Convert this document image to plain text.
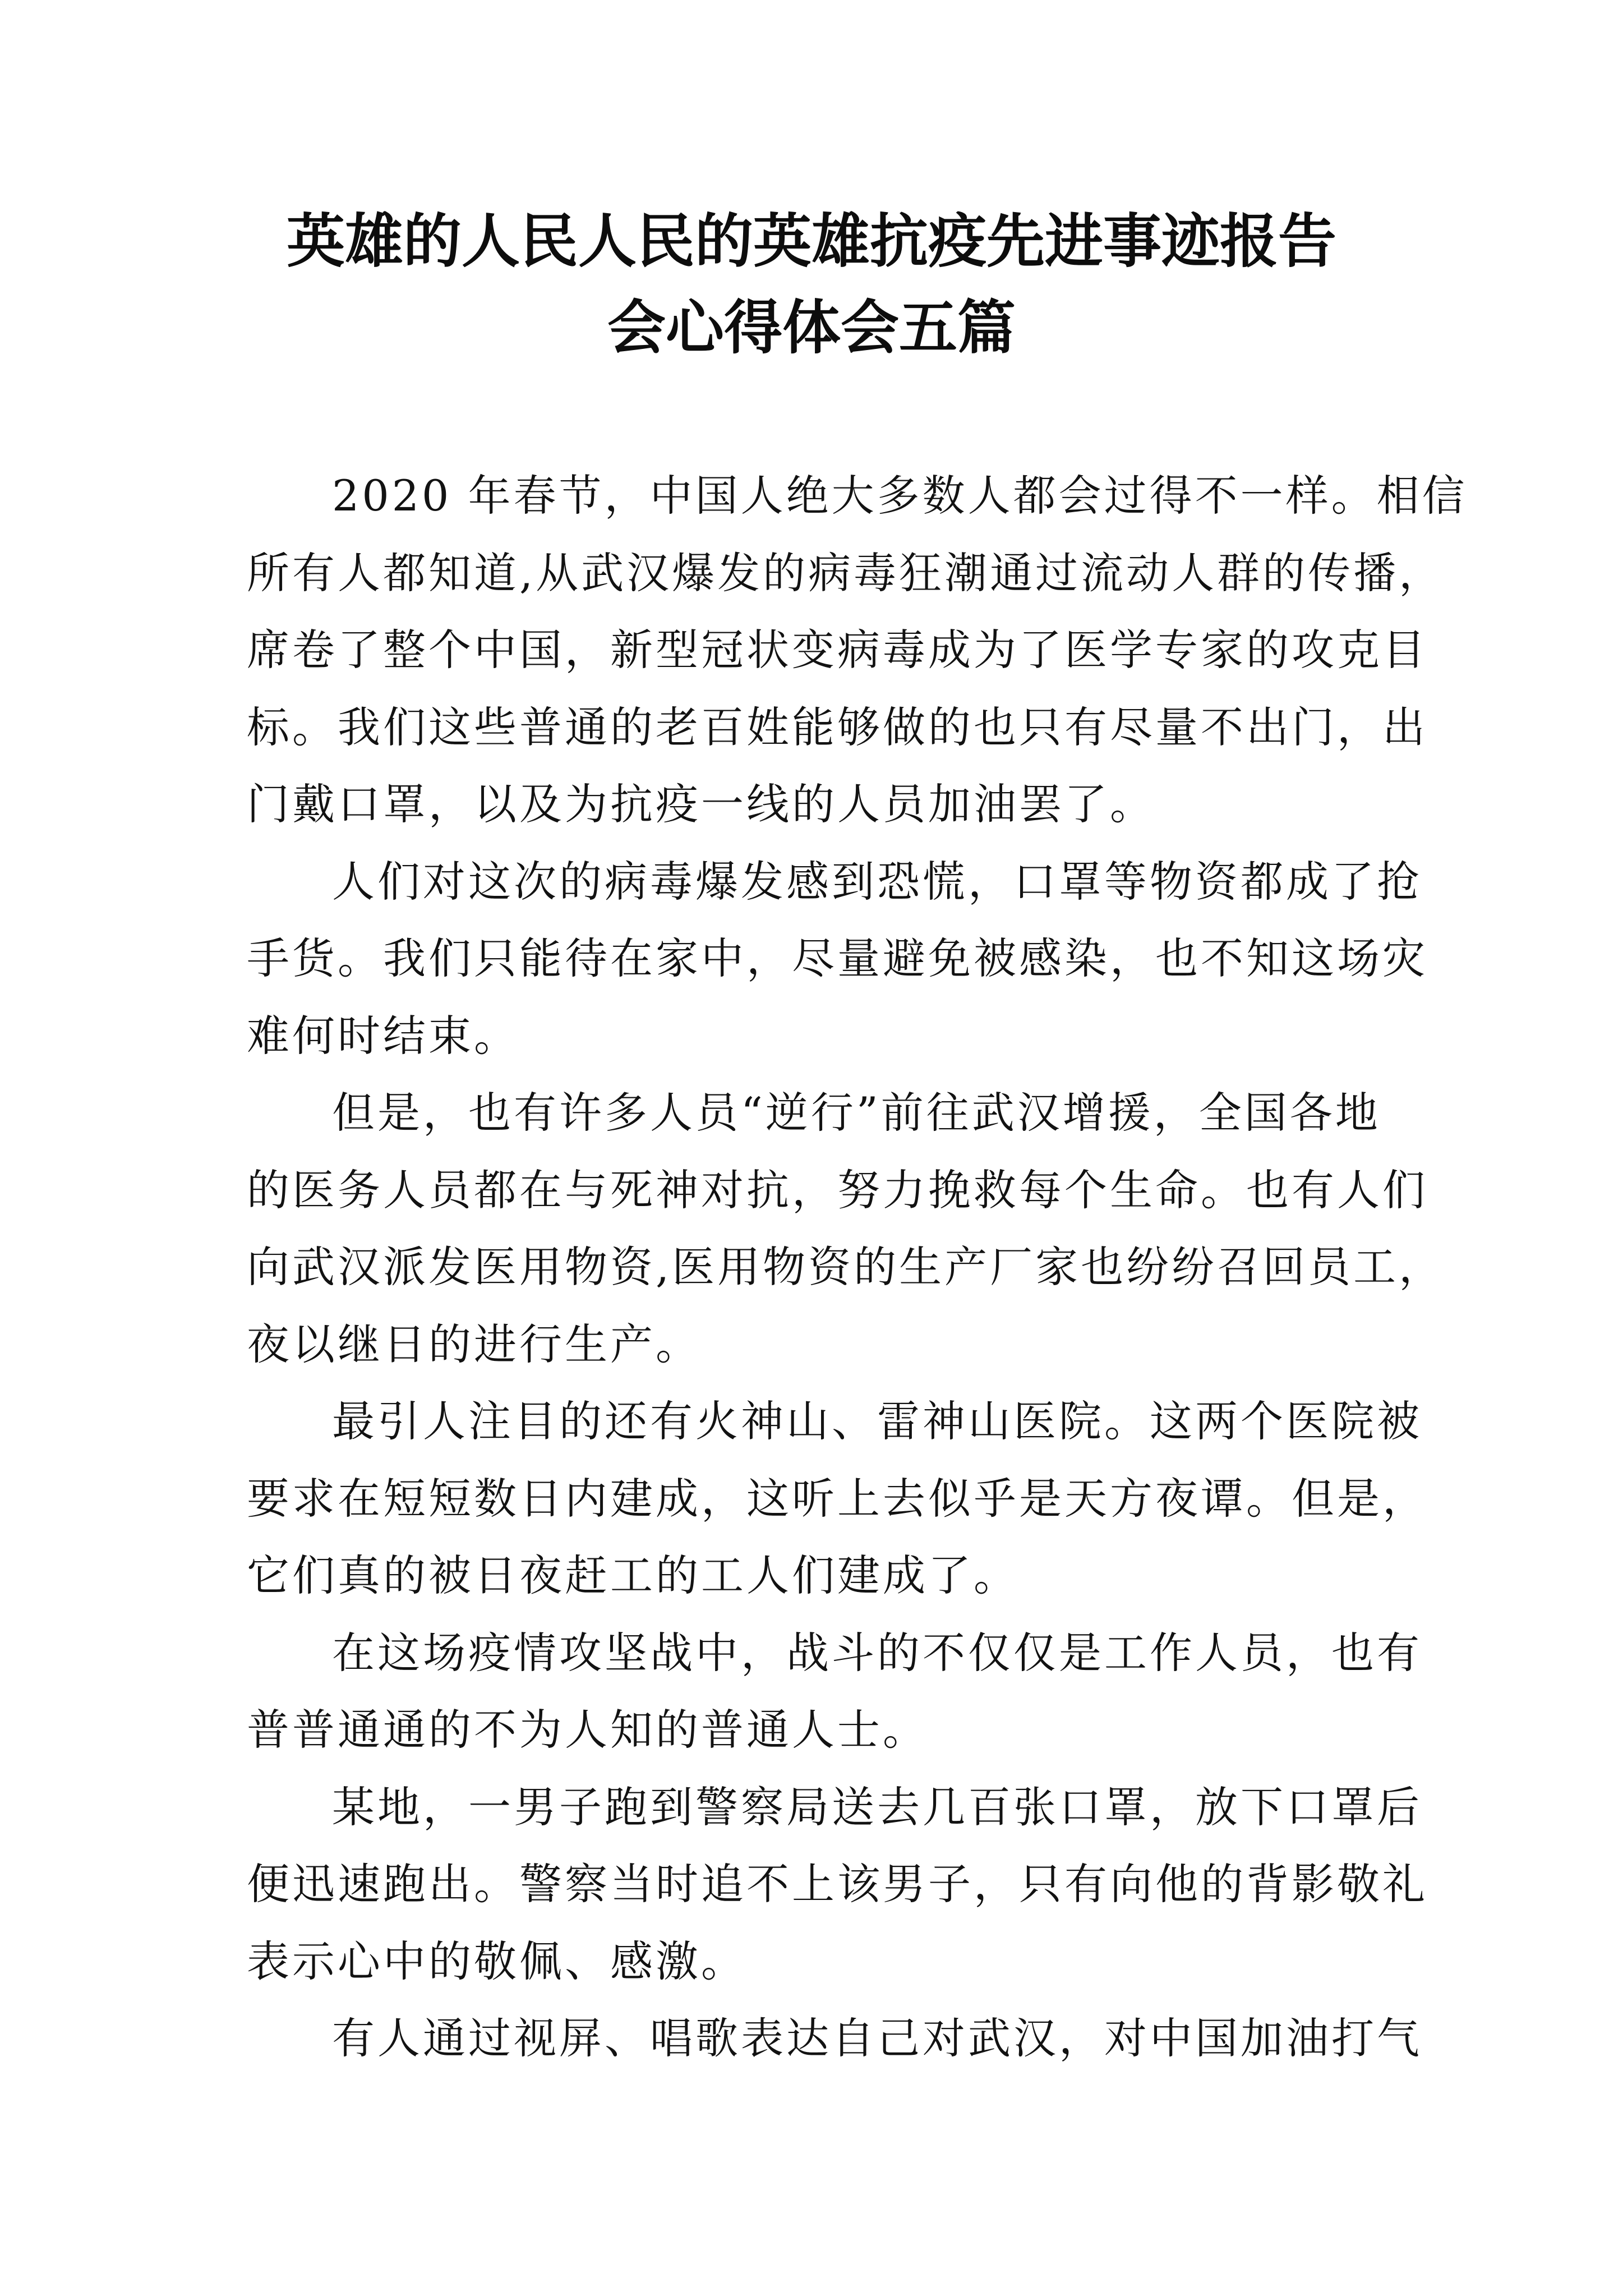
英雄的人民人民的英雄抗疫先进事迹报告
会心得体会五篇
2020 年春节，中国人绝大多数人都会过得不一样。相信
所有人都知道,从武汉爆发的病毒狂潮通过流动人群的传播，
席卷了整个中国，新型冠状变病毒成为了医学专家的攻克目
标。我们这些普通的老百姓能够做的也只有尽量不出门，出
门戴口罩，以及为抗疫一线的人员加油罢了。
人们对这次的病毒爆发感到恐慌，口罩等物资都成了抢
手货。我们只能待在家中，尽量避免被感染，也不知这场灾
难何时结束。
但是，也有许多人员“逆行”前往武汉增援，全国各地
的医务人员都在与死神对抗，努力挽救每个生命。也有人们
向武汉派发医用物资,医用物资的生产厂家也纷纷召回员工，
夜以继日的进行生产。
最引人注目的还有火神山、雷神山医院。这两个医院被
要求在短短数日内建成，这听上去似乎是天方夜谭。但是，
它们真的被日夜赶工的工人们建成了。
在这场疫情攻坚战中，战斗的不仅仅是工作人员，也有
普普通通的不为人知的普通人士。
某地，一男子跑到警察局送去几百张口罩，放下口罩后
便迅速跑出。警察当时追不上该男子，只有向他的背影敬礼
表示心中的敬佩、感激。
有人通过视屏、唱歌表达自己对武汉，对中国加油打气
